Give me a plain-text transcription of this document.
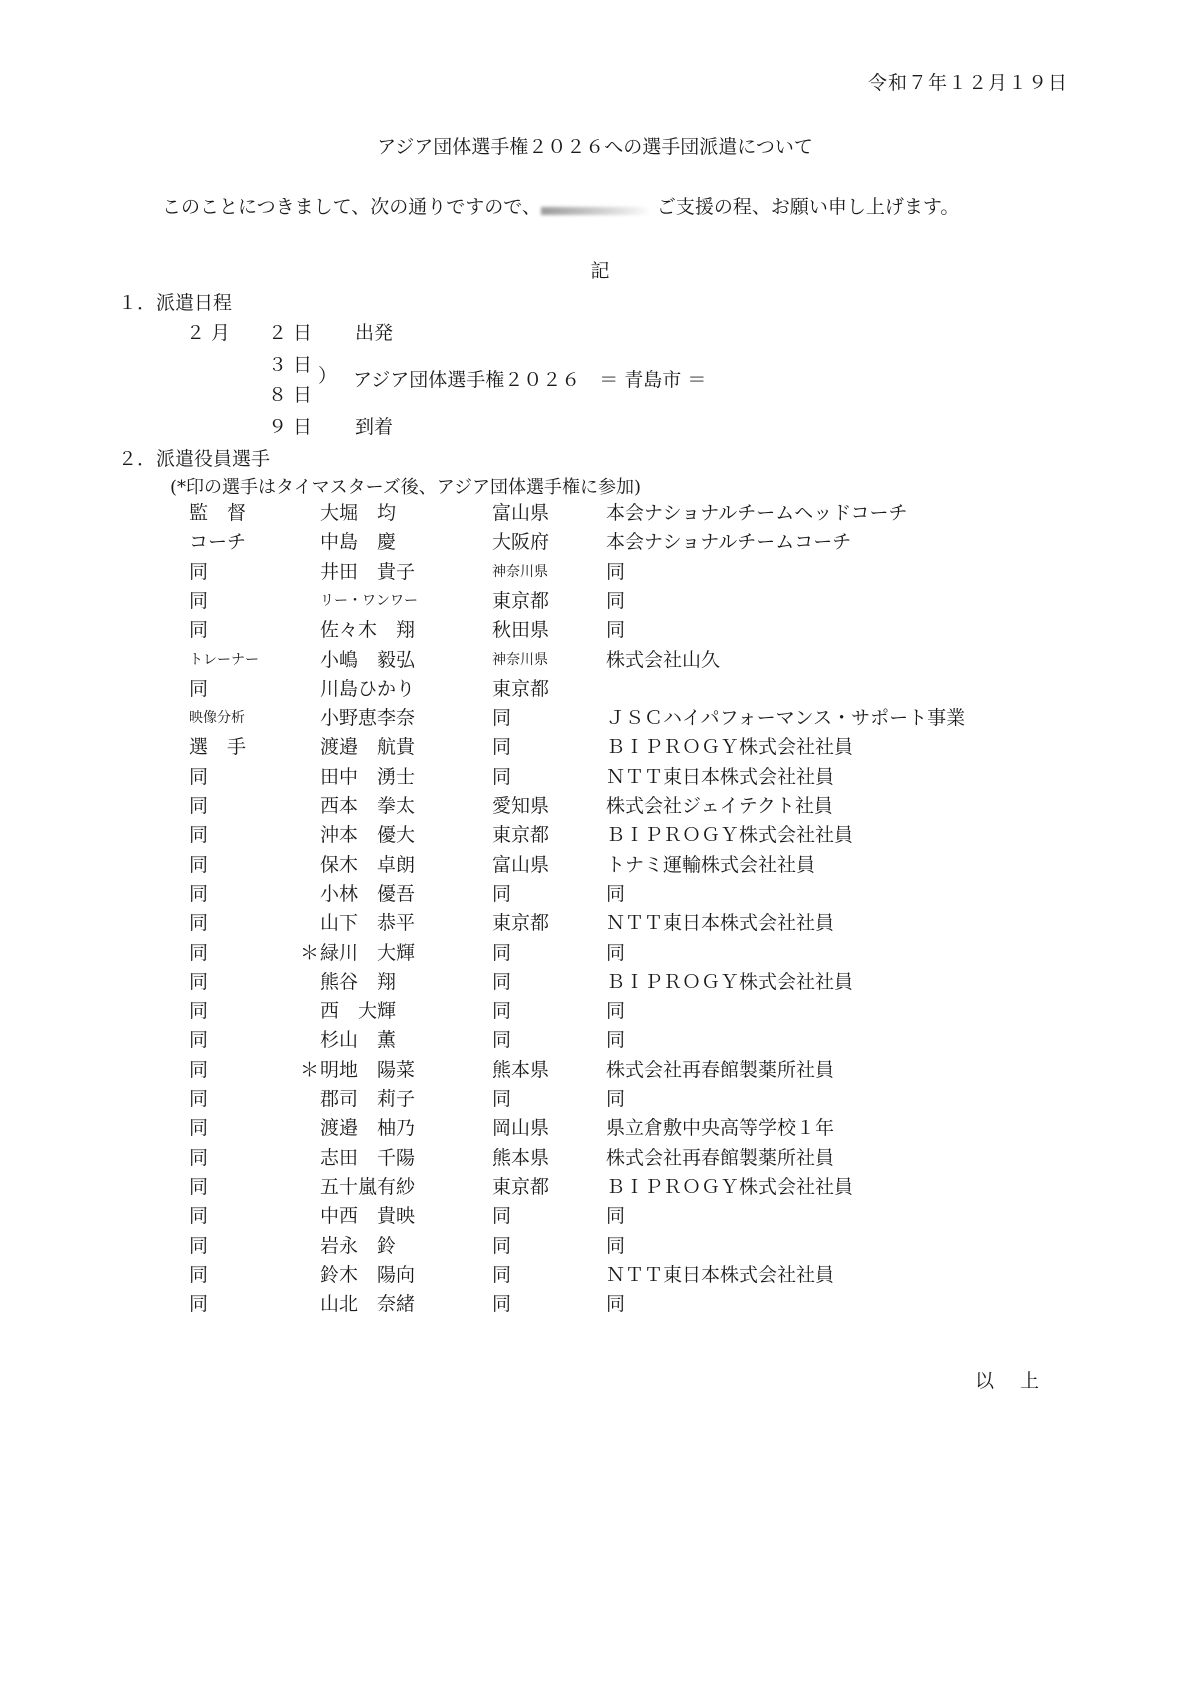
令和７年１２月１９日
アジア団体選手権２０２６への選手団派遣について
このことにつきまして、次の通りですので、	ご支援の程、お願い申し上げます。
記
１．派遣日程
２ 月 ２ 日 出発
３ 日 ） アジア団体選手権２０２６　＝ 青島市 ＝
８ 日
９ 日 到着
２．派遣役員選手
(*印の選手はタイマスターズ後、アジア団体選手権に参加)
監　督	大堀　均	富山県	本会ナショナルチームヘッドコーチ
コーチ	中島　慶	大阪府	本会ナショナルチームコーチ
同	井田　貴子	神奈川県	同
同	リー・ワンワー	東京都	同
同	佐々木　翔	秋田県	同
トレーナー	小嶋　毅弘	神奈川県	株式会社山久
同	川島ひかり	東京都
映像分析	小野恵李奈	同	ＪＳＣハイパフォーマンス・サポート事業
選　手	渡邉　航貴	同	ＢＩＰＲＯＧＹ株式会社社員
同	田中　湧士	同	ＮＴＴ東日本株式会社社員
同	西本　拳太	愛知県	株式会社ジェイテクト社員
同	沖本　優大	東京都	ＢＩＰＲＯＧＹ株式会社社員
同	保木　卓朗	富山県	トナミ運輸株式会社社員
同	小林　優吾	同	同
同	山下　恭平	東京都	ＮＴＴ東日本株式会社社員
同	＊ 緑川　大輝	同	同
同	熊谷　翔	同	ＢＩＰＲＯＧＹ株式会社社員
同	西　大輝	同	同
同	杉山　薫	同	同
同	＊ 明地　陽菜	熊本県	株式会社再春館製薬所社員
同	郡司　莉子	同	同
同	渡邉　柚乃	岡山県	県立倉敷中央高等学校１年
同	志田　千陽	熊本県	株式会社再春館製薬所社員
同	五十嵐有紗	東京都	ＢＩＰＲＯＧＹ株式会社社員
同	中西　貴映	同	同
同	岩永　鈴	同	同
同	鈴木　陽向	同	ＮＴＴ東日本株式会社社員
同	山北　奈緒	同	同
以上
